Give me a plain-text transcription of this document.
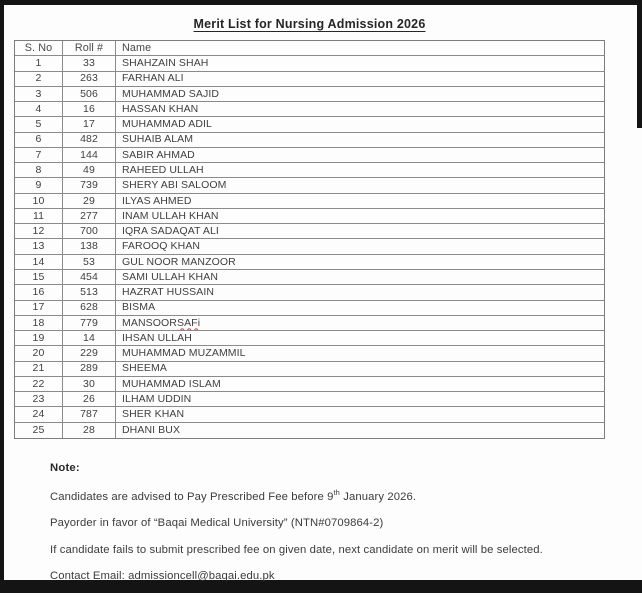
Merit List for Nursing Admission 2026
S. No	Roll #	Name
1	33	SHAHZAIN SHAH
2	263	FARHAN ALI
3	506	MUHAMMAD SAJID
4	16	HASSAN KHAN
5	17	MUHAMMAD ADIL
6	482	SUHAIB ALAM
7	144	SABIR AHMAD
8	49	RAHEED ULLAH
9	739	SHERY ABI SALOOM
10	29	ILYAS AHMED
11	277	INAM ULLAH KHAN
12	700	IQRA SADAQAT ALI
13	138	FAROOQ KHAN
14	53	GUL NOOR MANZOOR
15	454	SAMI ULLAH KHAN
16	513	HAZRAT HUSSAIN
17	628	BISMA
18	779	MANSOOR SAFi
19	14	IHSAN ULLAH
20	229	MUHAMMAD MUZAMMIL
21	289	SHEEMA
22	30	MUHAMMAD ISLAM
23	26	ILHAM UDDIN
24	787	SHER KHAN
25	28	DHANI BUX
Note:
Candidates are advised to Pay Prescribed Fee before 9th January 2026.
Payorder in favor of “Baqai Medical University” (NTN#0709864-2)
If candidate fails to submit prescribed fee on given date, next candidate on merit will be selected.
Contact Email: admissioncell@baqai.edu.pk
